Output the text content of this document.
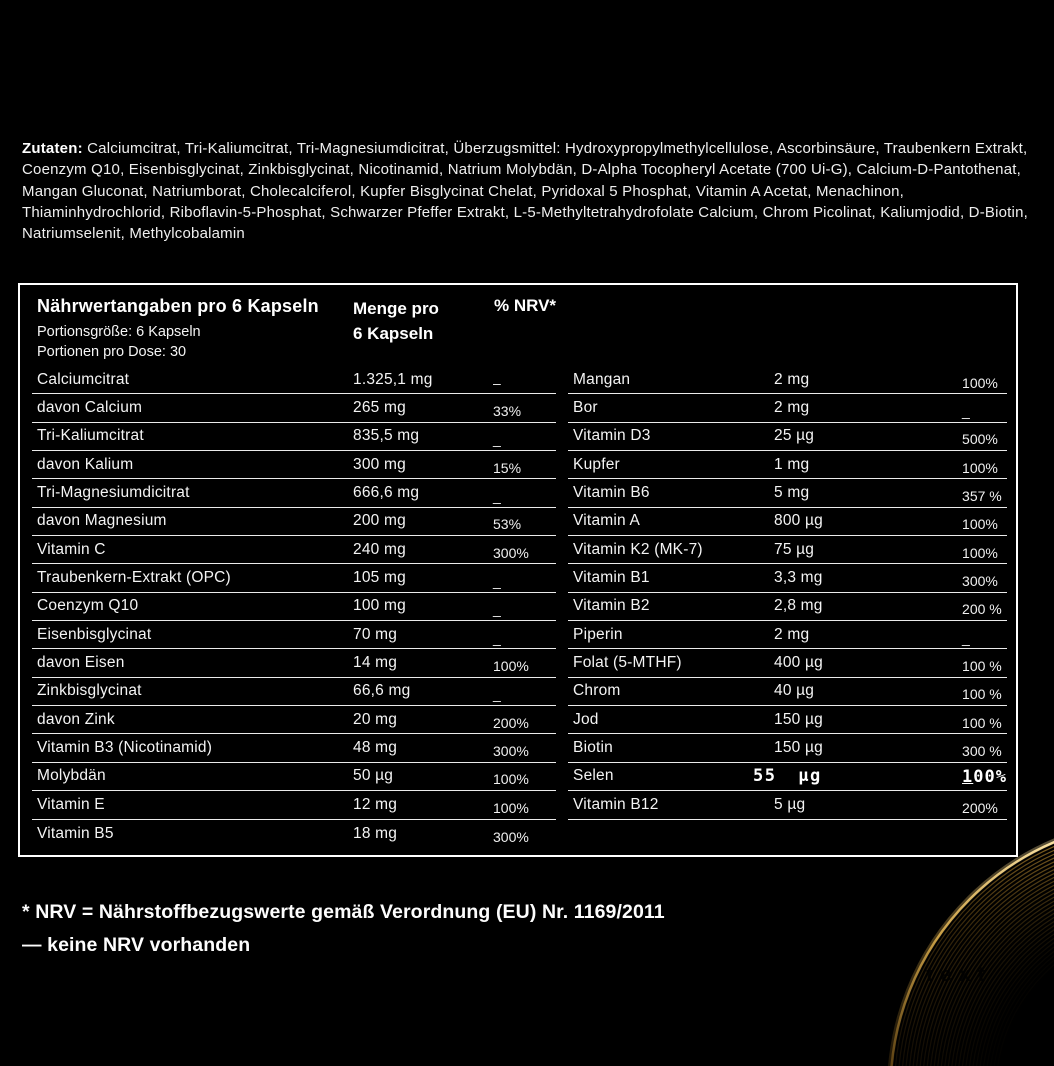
Zutaten: Calciumcitrat, Tri-Kaliumcitrat, Tri-Magnesiumdicitrat, Überzugsmittel: Hydroxypropylmethylcellulose, Ascorbinsäure, Traubenkern Extrakt, Coenzym Q10, Eisenbisglycinat, Zinkbisglycinat, Nicotinamid, Natrium Molybdän, D-Alpha Tocopheryl Acetate (700 Ui-G), Calcium-D-Pantothenat, Mangan Gluconat, Natriumborat, Cholecalciferol, Kupfer Bisglycinat Chelat, Pyridoxal 5 Phosphat, Vitamin A Acetat, Menachinon, Thiaminhydrochlorid, Riboflavin-5-Phosphat, Schwarzer Pfeffer Extrakt, L-5-Methyltetrahydrofolate Calcium, Chrom Picolinat, Kaliumjodid, D-Biotin, Natriumselenit, Methylcobalamin

Nährwertangaben pro 6 Kapseln
Portionsgröße: 6 Kapseln
Portionen pro Dose: 30
Menge pro
6 Kapseln
% NRV*
Calciumcitrat	1.325,1 mg	–
davon Calcium	265 mg	33%
Tri-Kaliumcitrat	835,5 mg	_
davon Kalium	300 mg	15%
Tri-Magnesiumdicitrat	666,6 mg	_
davon Magnesium	200 mg	53%
Vitamin C	240 mg	300%
Traubenkern-Extrakt (OPC)	105 mg	_
Coenzym Q10	100 mg	_
Eisenbisglycinat	70 mg	_
davon Eisen	14 mg	100%
Zinkbisglycinat	66,6 mg	_
davon Zink	20 mg	200%
Vitamin B3 (Nicotinamid)	48 mg	300%
Molybdän	50 µg	100%
Vitamin E	12 mg	100%
Vitamin B5	18 mg	300%
Mangan	2 mg	100%
Bor	2 mg	_
Vitamin D3	25 µg	500%
Kupfer	1 mg	100%
Vitamin B6	5 mg	357 %
Vitamin A	800 µg	100%
Vitamin K2 (MK-7)	75 µg	100%
Vitamin B1	3,3 mg	300%
Vitamin B2	2,8 mg	200 %
Piperin	2 mg	_
Folat (5-MTHF)	400 µg	100 %
Chrom	40 µg	100 %
Jod	150 µg	100 %
Biotin	150 µg	300 %
Selen	55 µg	100%
Vitamin B12	5 µg	200%
* NRV = Nährstoffbezugswerte gemäß Verordnung (EU) Nr. 1169/2011
— keine NRV vorhanden
text
